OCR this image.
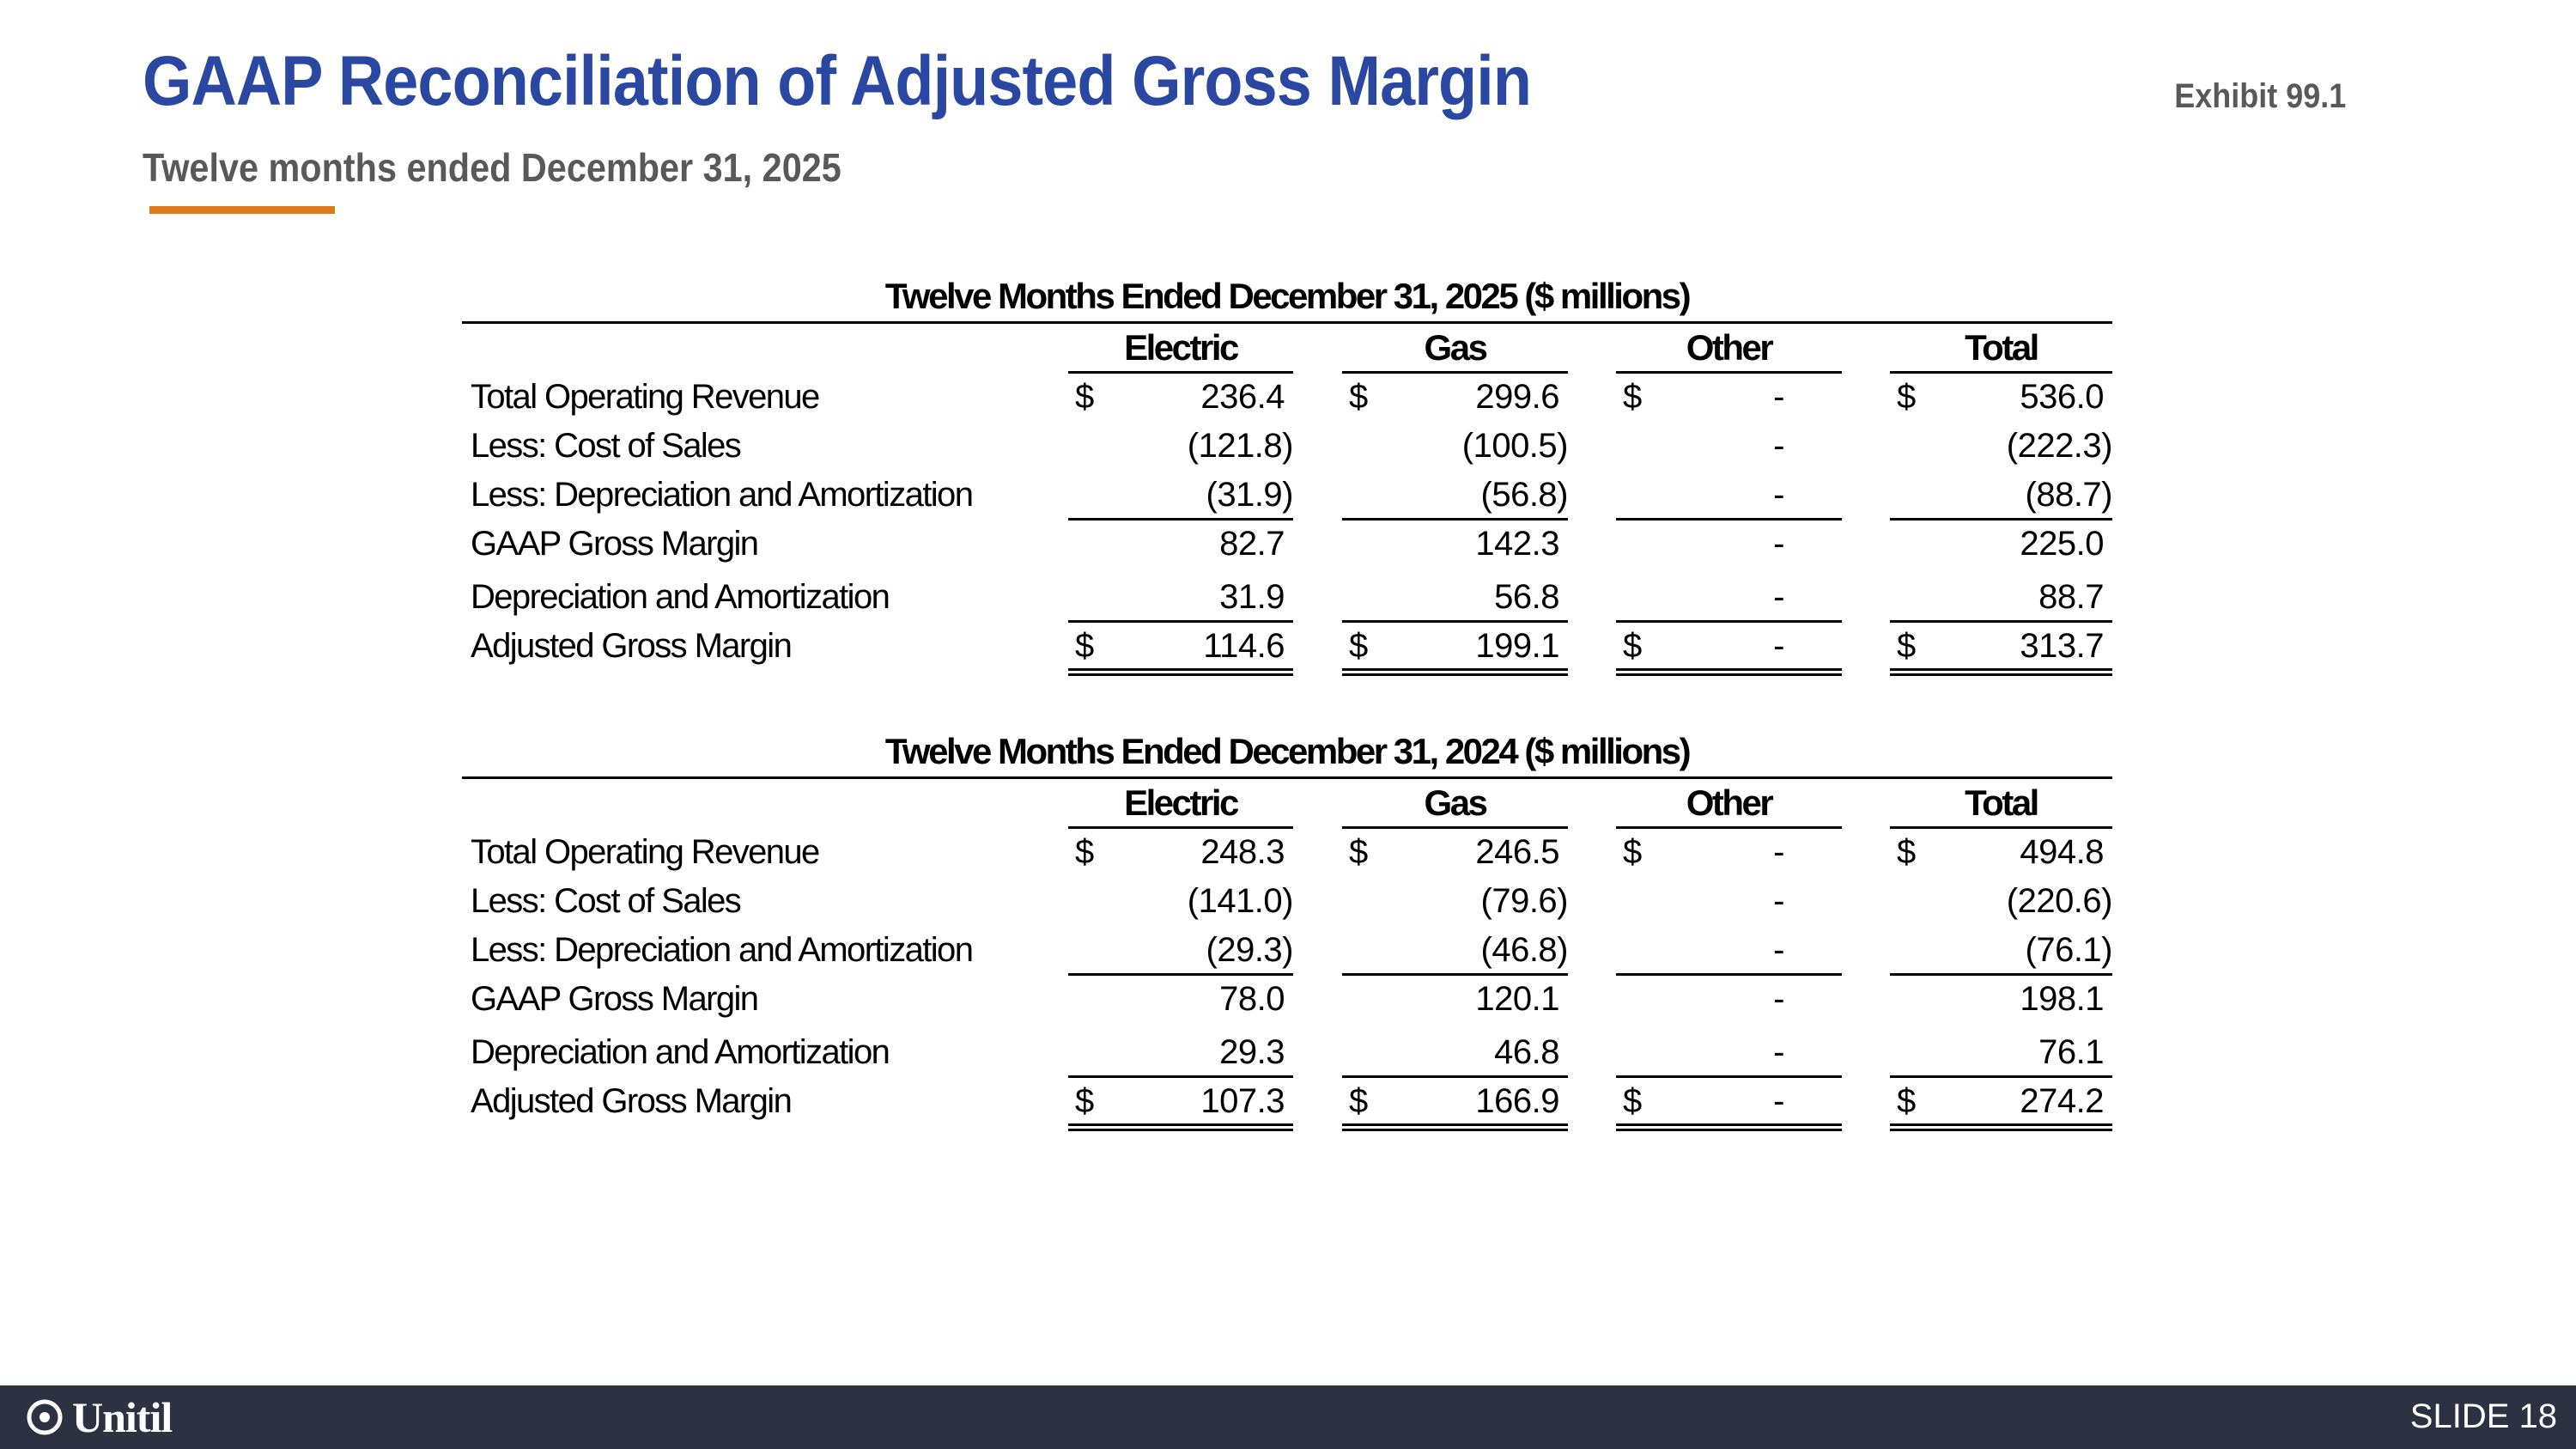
GAAP Reconciliation of Adjusted Gross Margin	Exhibit 99.1
Twelve months ended December 31, 2025
Twelve Months Ended December 31, 2025 ($ millions)
Electric	Gas	Other	Total
Total Operating Revenue	$	236.4 $	299.6 $	-	$	536.0
Less: Cost of Sales	(121.8)	(100.5)	-	(222.3)
Less: Depreciation and Amortization	(31.9)	(56.8)	-	(88.7)
GAAP Gross Margin	82.7	142.3	-	225.0
Depreciation and Amortization	31.9	56.8	-	88.7
Adjusted Gross Margin	$	114.6 $	199.1 $	-	$	313.7
Twelve Months Ended December 31, 2024 ($ millions)
Electric	Gas	Other	Total
Total Operating Revenue	$	248.3 $	246.5 $	-	$	494.8
Less: Cost of Sales	(141.0)	(79.6)	-	(220.6)
Less: Depreciation and Amortization	(29.3)	(46.8)	-	(76.1)
GAAP Gross Margin	78.0	120.1	-	198.1
Depreciation and Amortization	29.3	46.8	-	76.1
Adjusted Gross Margin	$	107.3 $	166.9 $	-	$	274.2
Unitil	SLIDE 18
